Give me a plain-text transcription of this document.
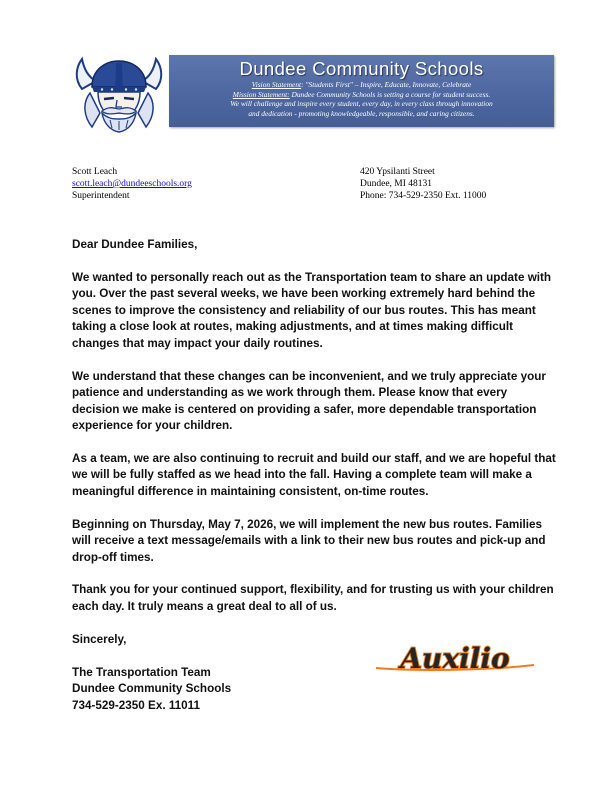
Dundee Community Schools
Vision Statement: "Students First" – Inspire, Educate, Innovate, Celebrate
Mission Statement: Dundee Community Schools is setting a course for student success.
We will challenge and inspire every student, every day, in every class through innovation
and dedication - promoting knowledgeable, responsible, and caring citizens.
Scott Leach
scott.leach@dundeeschools.org
Superintendent
420 Ypsilanti Street
Dundee, MI 48131
Phone: 734-529-2350 Ext. 11000

Dear Dundee Families,

We wanted to personally reach out as the Transportation team to share an update with
you. Over the past several weeks, we have been working extremely hard behind the
scenes to improve the consistency and reliability of our bus routes. This has meant
taking a close look at routes, making adjustments, and at times making difficult
changes that may impact your daily routines.

We understand that these changes can be inconvenient, and we truly appreciate your
patience and understanding as we work through them. Please know that every
decision we make is centered on providing a safer, more dependable transportation
experience for your children.

As a team, we are also continuing to recruit and build our staff, and we are hopeful that
we will be fully staffed as we head into the fall. Having a complete team will make a
meaningful difference in maintaining consistent, on-time routes.

Beginning on Thursday, May 7, 2026, we will implement the new bus routes. Families
will receive a text message/emails with a link to their new bus routes and pick-up and
drop-off times.

Thank you for your continued support, flexibility, and for trusting us with your children
each day. It truly means a great deal to all of us.

Sincerely,

The Transportation Team
Dundee Community Schools
734-529-2350 Ex. 11011

Auxilio
